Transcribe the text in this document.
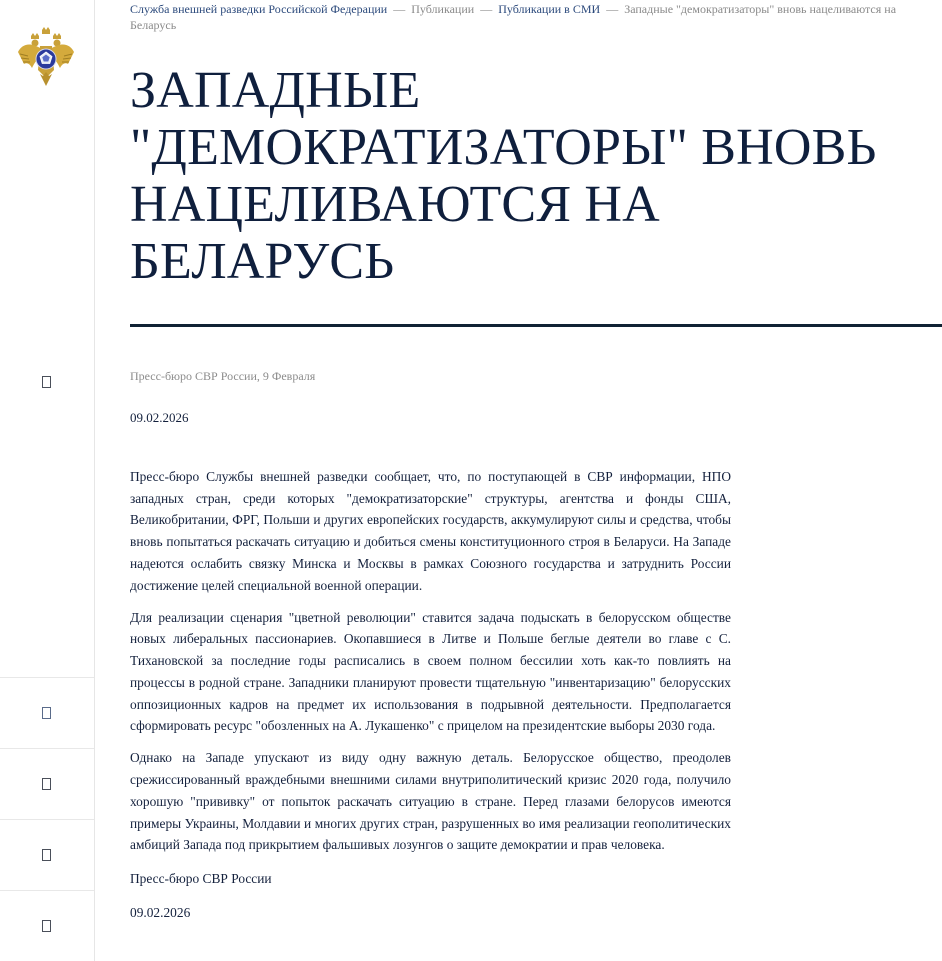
Служба внешней разведки Российской Федерации — Публикации — Публикации в СМИ — Западные "демократизаторы" вновь нацеливаются на Беларусь
ЗАПАДНЫЕ "ДЕМОКРАТИЗАТОРЫ" ВНОВЬ НАЦЕЛИВАЮТСЯ НА БЕЛАРУСЬ
Пресс-бюро СВР России, 9 Февраля
09.02.2026

Пресс-бюро Службы внешней разведки сообщает, что, по поступающей в СВР информации, НПО западных стран, среди которых "демократизаторские" структуры, агентства и фонды США, Великобритании, ФРГ, Польши и других европейских государств, аккумулируют силы и средства, чтобы вновь попытаться раскачать ситуацию и добиться смены конституционного строя в Беларуси. На Западе надеются ослабить связку Минска и Москвы в рамках Союзного государства и затруднить России достижение целей специальной военной операции.

Для реализации сценария "цветной революции" ставится задача подыскать в белорусском обществе новых либеральных пассионариев. Окопавшиеся в Литве и Польше беглые деятели во главе с С. Тихановской за последние годы расписались в своем полном бессилии хоть как-то повлиять на процессы в родной стране. Западники планируют провести тщательную "инвентаризацию" белорусских оппозиционных кадров на предмет их использования в подрывной деятельности. Предполагается сформировать ресурс "обозленных на А. Лукашенко" с прицелом на президентские выборы 2030 года.

Однако на Западе упускают из виду одну важную деталь. Белорусское общество, преодолев срежиссированный враждебными внешними силами внутриполитический кризис 2020 года, получило хорошую "прививку" от попыток раскачать ситуацию в стране. Перед глазами белорусов имеются примеры Украины, Молдавии и многих других стран, разрушенных во имя реализации геополитических амбиций Запада под прикрытием фальшивых лозунгов о защите демократии и прав человека.

Пресс-бюро СВР России

09.02.2026
